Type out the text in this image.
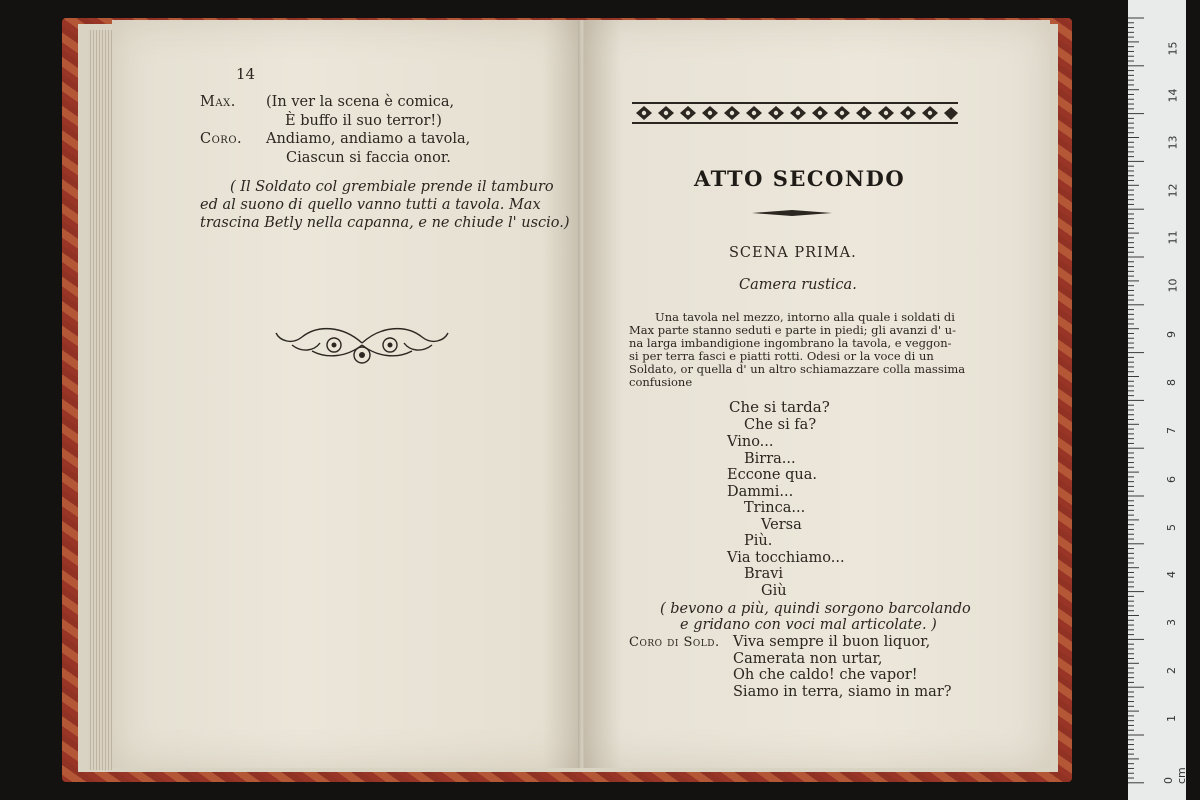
14
Max. (In ver la scena è comica,
È buffo il suo terror!)
Coro. Andiamo, andiamo a tavola,
Ciascun si faccia onor.
( Il Soldato col grembiale prende il tamburo
ed al suono di quello vanno tutti a tavola. Max
trascina Betly nella capanna, e ne chiude l' uscio.)
ATTO SECONDO
SCENA PRIMA.
Camera rustica.
Una tavola nel mezzo, intorno alla quale i soldati di
Max parte stanno seduti e parte in piedi; gli avanzi d' u-
na larga imbandigione ingombrano la tavola, e veggon-
si per terra fasci e piatti rotti. Odesi or la voce di un
Soldato, or quella d' un altro schiamazzare colla massima
confusione
Che si tarda?
Che si fa?
Vino...
Birra...
Eccone qua.
Dammi...
Trinca...
Versa
Più.
Via tocchiamo...
Bravi
Giù
( bevono a più, quindi sorgono barcolando
e gridano con voci mal articolate. )
Coro di Sold. Viva sempre il buon liquor,
Camerata non urtar,
Oh che caldo! che vapor!
Siamo in terra, siamo in mar?
15
14
13
12
11
10
9
8
7
6
5
4
3
2
1
0 cm
